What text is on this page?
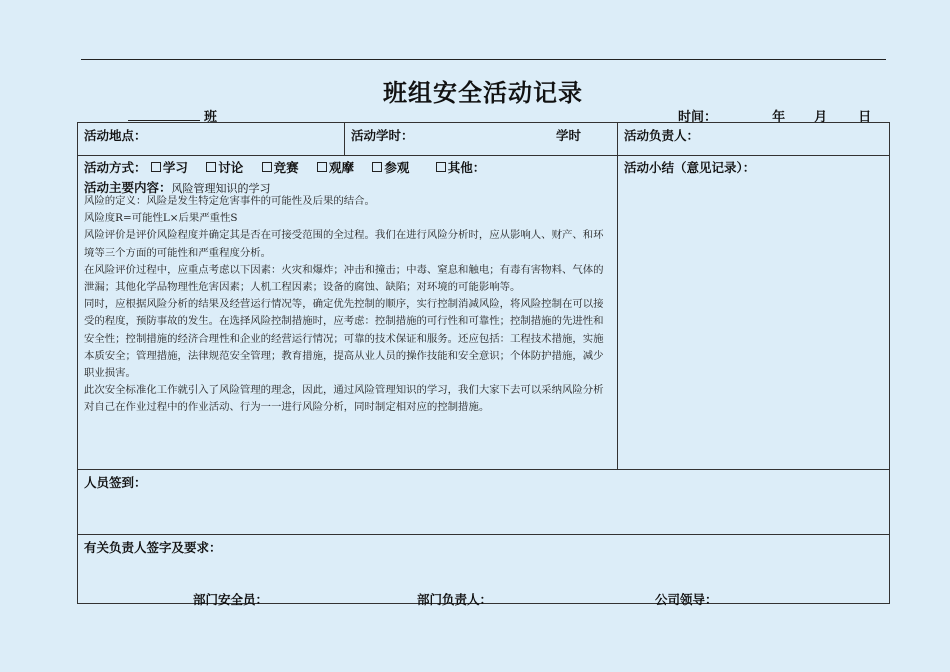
班组安全活动记录
班	时间：	年 月 日
活动地点：	活动学时：	学时	活动负责人：
活动方式： 学习 讨论 竞赛 观摩 参观	其他：	活动小结（意见记录）：
活动主要内容：风险管理知识的学习

风险的定义：风险是发生特定危害事件的可能性及后果的结合。

风险度R=可能性L×后果严重性S

风险评价是评价风险程度并确定其是否在可接受范围的全过程。我们在进行风险分析时，应从影响人、财产、和环境等三个方面的可能性和严重程度分析。

在风险评价过程中，应重点考虑以下因素：火灾和爆炸；冲击和撞击；中毒、窒息和触电；有毒有害物料、气体的泄漏；其他化学品物理性危害因素；人机工程因素；设备的腐蚀、缺陷；对环境的可能影响等。

同时，应根据风险分析的结果及经营运行情况等，确定优先控制的顺序，实行控制消减风险，将风险控制在可以接受的程度，预防事故的发生。在选择风险控制措施时，应考虑：控制措施的可行性和可靠性；控制措施的先进性和安全性；控制措施的经济合理性和企业的经营运行情况；可靠的技术保证和服务。还应包括：工程技术措施，实施本质安全；管理措施，法律规范安全管理；教育措施，提高从业人员的操作技能和安全意识；个体防护措施，减少职业损害。

此次安全标准化工作就引入了风险管理的理念，因此，通过风险管理知识的学习，我们大家下去可以采纳风险分析对自己在作业过程中的作业活动、行为一一进行风险分析，同时制定相对应的控制措施。

人员签到：
有关负责人签字及要求：
部门安全员：	部门负责人：	公司领导：
